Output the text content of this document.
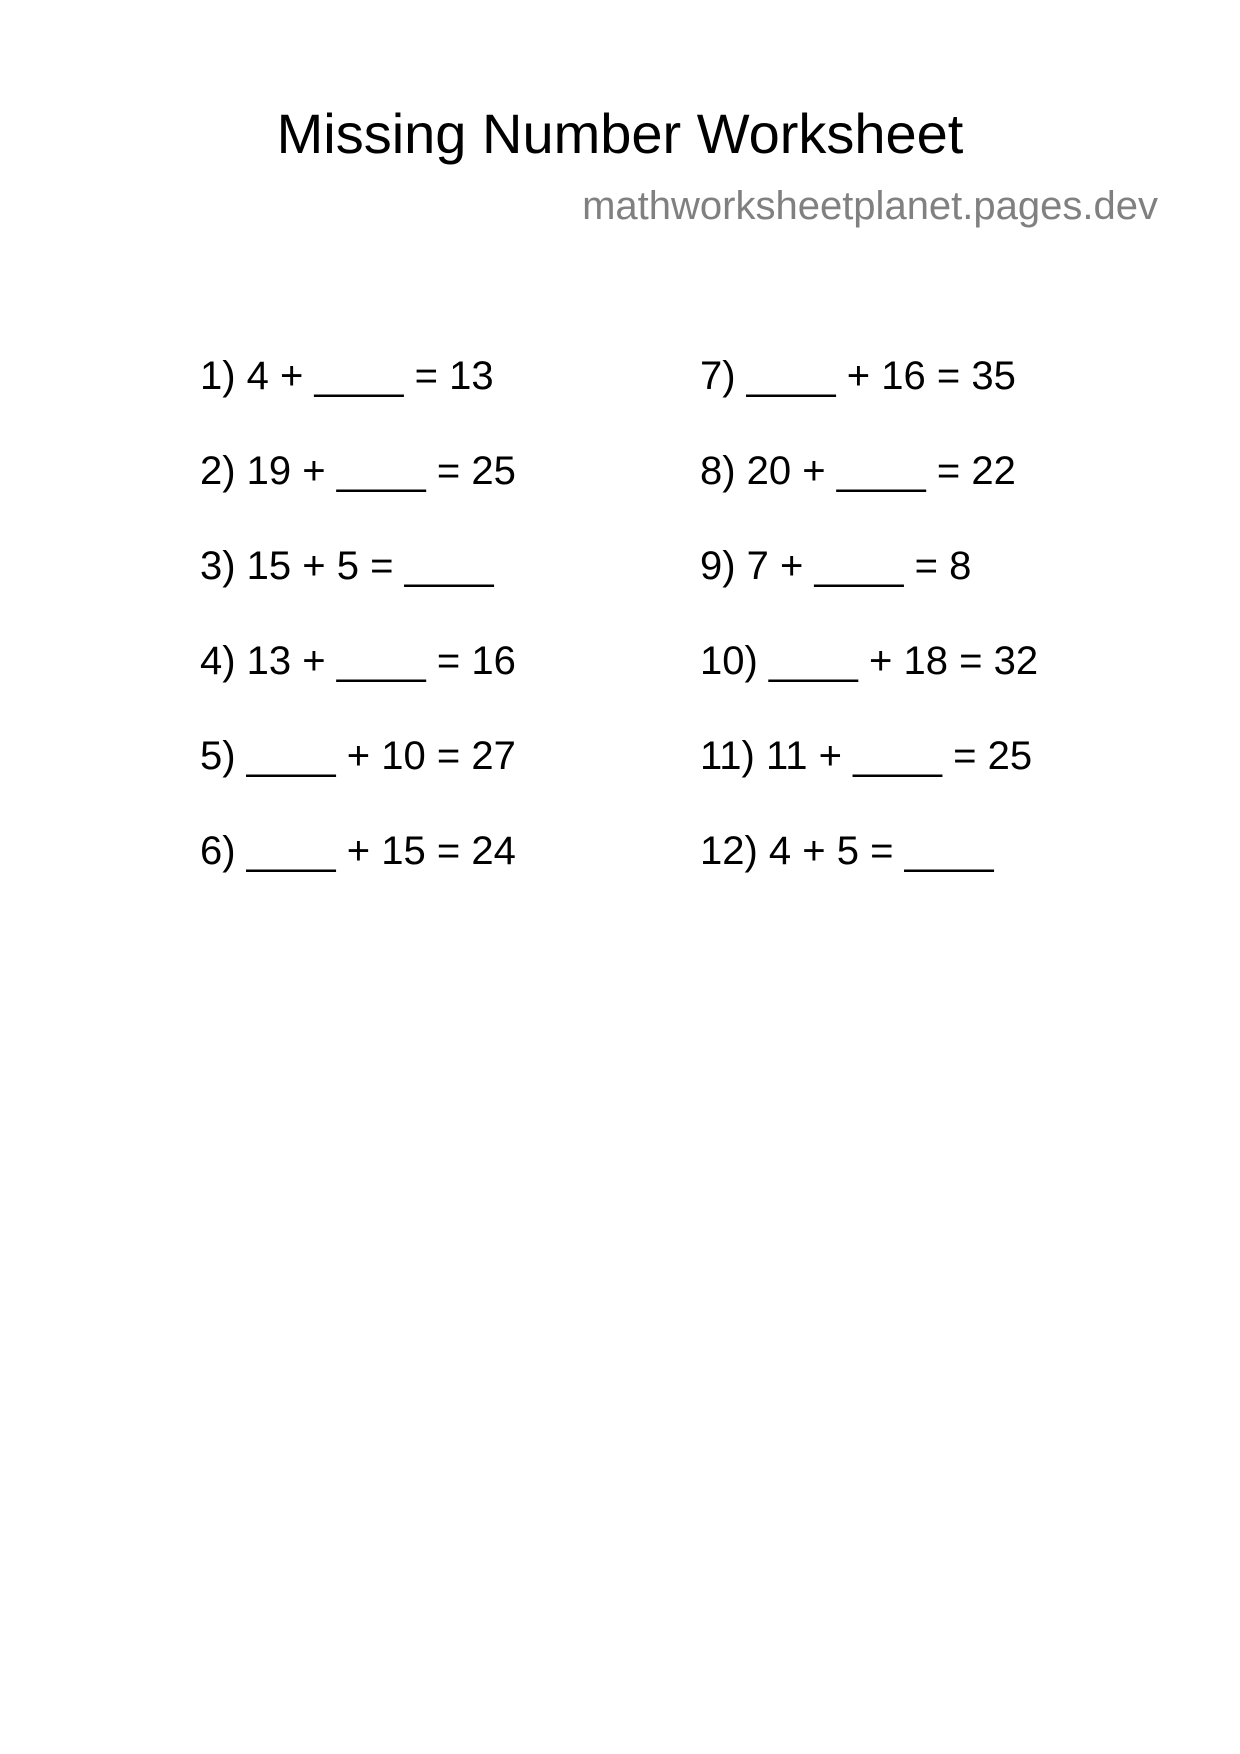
Missing Number Worksheet
mathworksheetplanet.pages.dev
1) 4 + ____ = 13
2) 19 + ____ = 25
3) 15 + 5 = ____
4) 13 + ____ = 16
5) ____ + 10 = 27
6) ____ + 15 = 24
7) ____ + 16 = 35
8) 20 + ____ = 22
9) 7 + ____ = 8
10) ____ + 18 = 32
11) 11 + ____ = 25
12) 4 + 5 = ____
